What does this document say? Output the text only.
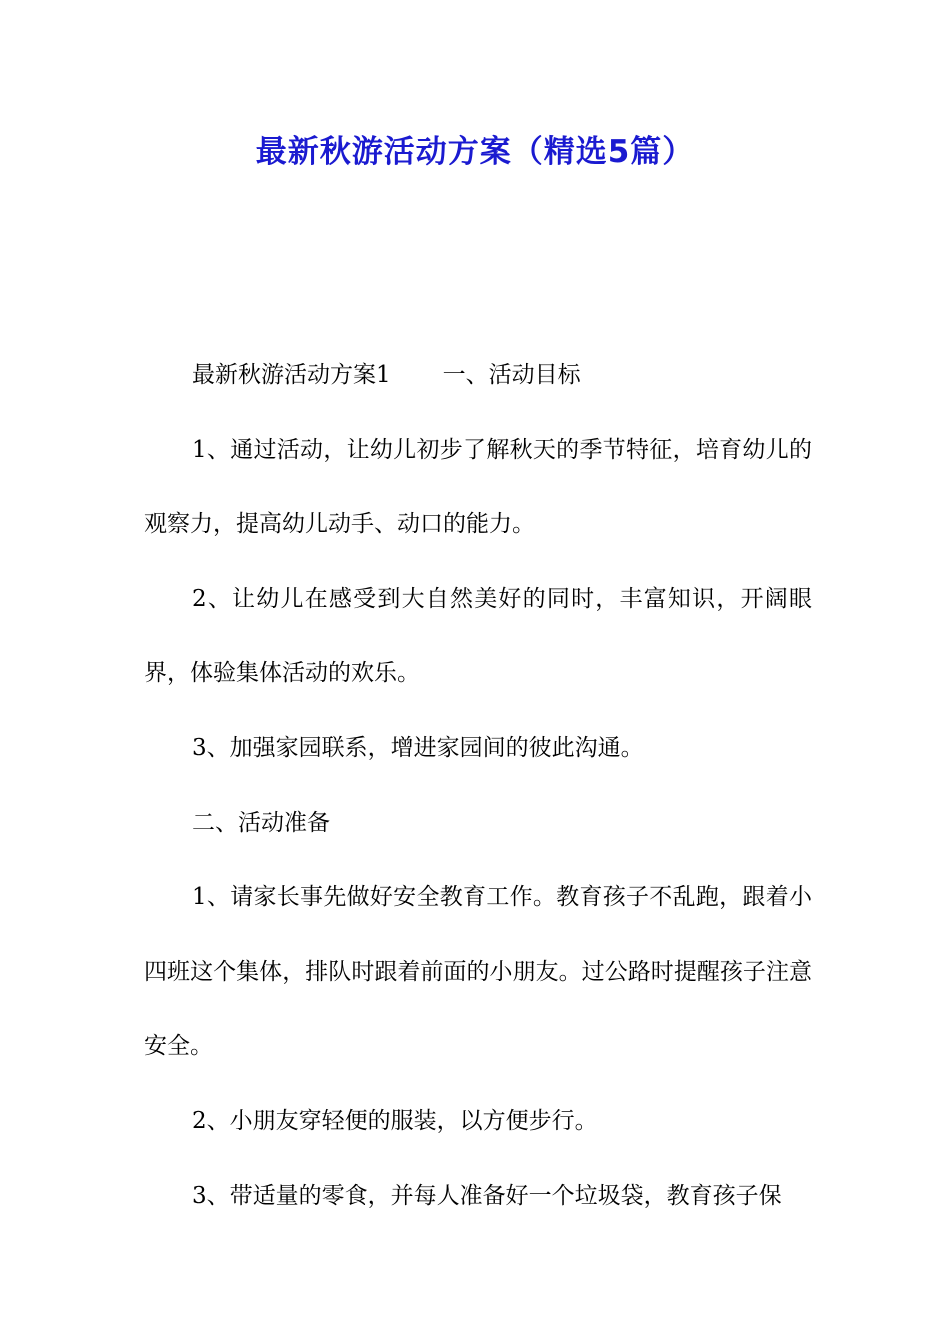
最新秋游活动方案（精选5篇）

最新秋游活动方案1 一、活动目标

1、通过活动，让幼儿初步了解秋天的季节特征，培育幼儿的观察力，提高幼儿动手、动口的能力。

2、让幼儿在感受到大自然美好的同时，丰富知识，开阔眼界，体验集体活动的欢乐。

3、加强家园联系，增进家园间的彼此沟通。

二、活动准备

1、请家长事先做好安全教育工作。教育孩子不乱跑，跟着小四班这个集体，排队时跟着前面的小朋友。过公路时提醒孩子注意安全。

2、小朋友穿轻便的服装，以方便步行。

3、带适量的零食，并每人准备好一个垃圾袋，教育孩子保
